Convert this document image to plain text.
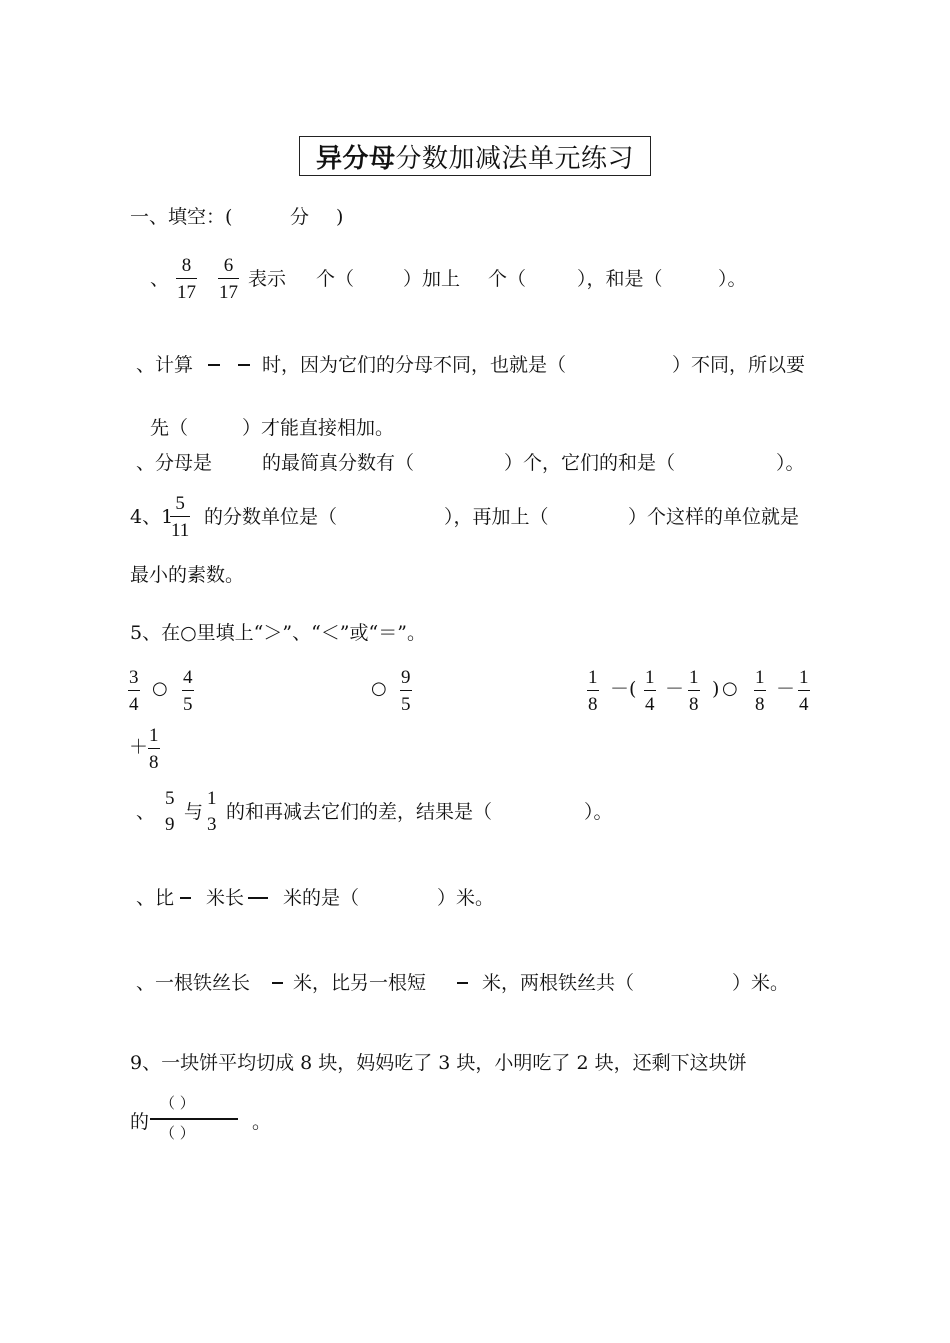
异分母 分数加减法单元练习
一、填空：(	分 )
、 $\frac{8}{17} \frac{6}{17}$ 表示 个（	）加上 个（	），和是（	）。
、计算	时，因为它们的分母不同，也就是（	）不同，所以要
先（	）才能直接相加。
、分母是	的最简真分数有（	）个，它们的和是（	）。
4、1
$\frac{5}{11}$ 的分数单位是（	），再加上（	）个这样的单位就是
最小的素数。
5、在○里填上“＞”、“＜”或“＝”。
$\frac{3}{4}$ ○ $\frac{4}{5}$	○ $\frac{9}{5}$	$\frac{1}{8}$ －( $\frac{1}{4} - \frac{1}{8}$ ) ○ $\frac{1}{8} - \frac{1}{4}$
＋ $\frac{1}{8}$
、
5
9
与
1
3
的和再减去它们的差，结果是（	）。
、比 米长 米的是（	）米。
、一根铁丝长 米，比另一根短	米，两根铁丝共（	）米。
9、一块饼平均切成 8 块，妈妈吃了 3 块，小明吃了 2 块，还剩下这块饼
的
（ ）
（ ）	。
